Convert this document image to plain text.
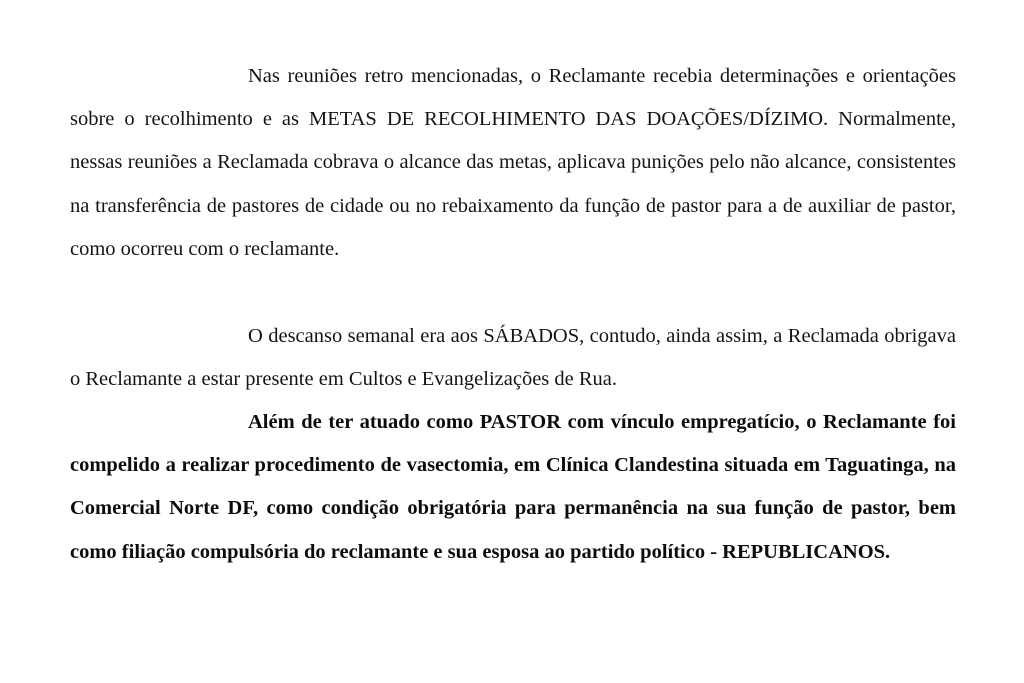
Nas reuniões retro mencionadas, o Reclamante recebia determinações e orientações sobre o recolhimento e as METAS DE RECOLHIMENTO DAS DOAÇÕES/DÍZIMO. Normalmente, nessas reuniões a Reclamada cobrava o alcance das metas, aplicava punições pelo não alcance, consistentes na transferência de pastores de cidade ou no rebaixamento da função de pastor para a de auxiliar de pastor, como ocorreu com o reclamante.

O descanso semanal era aos SÁBADOS, contudo, ainda assim, a Reclamada obrigava o Reclamante a estar presente em Cultos e Evangelizações de Rua.

Além de ter atuado como PASTOR com vínculo empregatício, o Reclamante foi compelido a realizar procedimento de vasectomia, em Clínica Clandestina situada em Taguatinga, na Comercial Norte DF, como condição obrigatória para permanência na sua função de pastor, bem como filiação compulsória do reclamante e sua esposa ao partido político - REPUBLICANOS.
